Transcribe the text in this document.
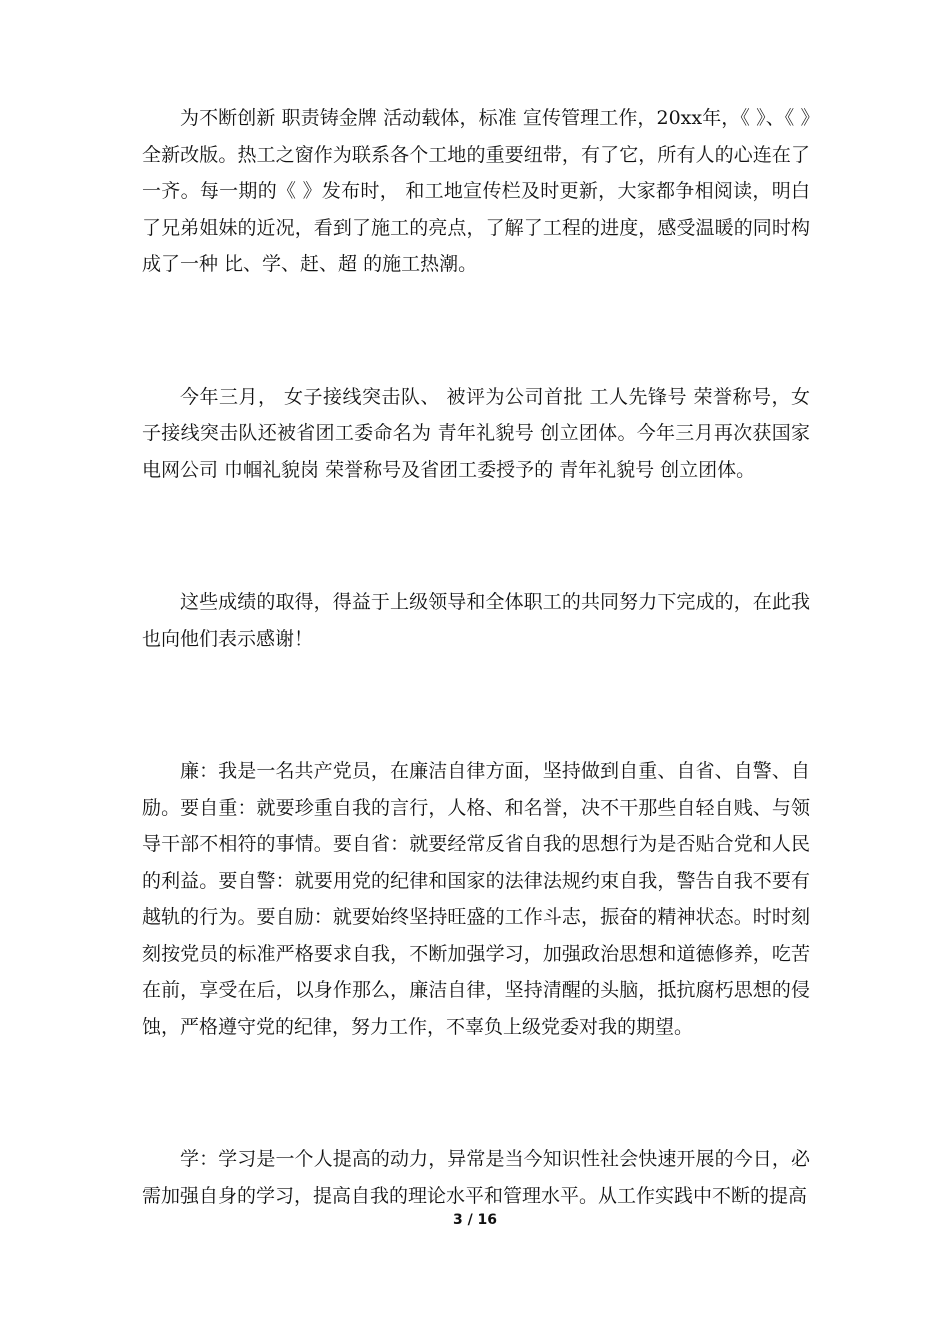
为不断创新 职责铸金牌 活动载体，标准 宣传管理工作，20xx年，《 》、《 》全新改版。热工之窗作为联系各个工地的重要纽带，有了它，所有人的心连在了一齐。每一期的《 》发布时， 和工地宣传栏及时更新，大家都争相阅读，明白了兄弟姐妹的近况，看到了施工的亮点，了解了工程的进度，感受温暖的同时构成了一种 比、学、赶、超 的施工热潮。

今年三月， 女子接线突击队、 被评为公司首批 工人先锋号 荣誉称号，女子接线突击队还被省团工委命名为 青年礼貌号 创立团体。今年三月再次获国家电网公司 巾帼礼貌岗 荣誉称号及省团工委授予的 青年礼貌号 创立团体。

这些成绩的取得，得益于上级领导和全体职工的共同努力下完成的，在此我也向他们表示感谢！

廉：我是一名共产党员，在廉洁自律方面，坚持做到自重、自省、自警、自励。要自重：就要珍重自我的言行，人格、和名誉，决不干那些自轻自贱、与领导干部不相符的事情。要自省：就要经常反省自我的思想行为是否贴合党和人民的利益。要自警：就要用党的纪律和国家的法律法规约束自我，警告自我不要有越轨的行为。要自励：就要始终坚持旺盛的工作斗志，振奋的精神状态。时时刻刻按党员的标准严格要求自我，不断加强学习，加强政治思想和道德修养，吃苦在前，享受在后，以身作那么，廉洁自律，坚持清醒的头脑，抵抗腐朽思想的侵蚀，严格遵守党的纪律，努力工作，不辜负上级党委对我的期望。

学：学习是一个人提高的动力，异常是当今知识性社会快速开展的今日，必需加强自身的学习，提高自我的理论水平和管理水平。从工作实践中不断的提高

3 / 16
